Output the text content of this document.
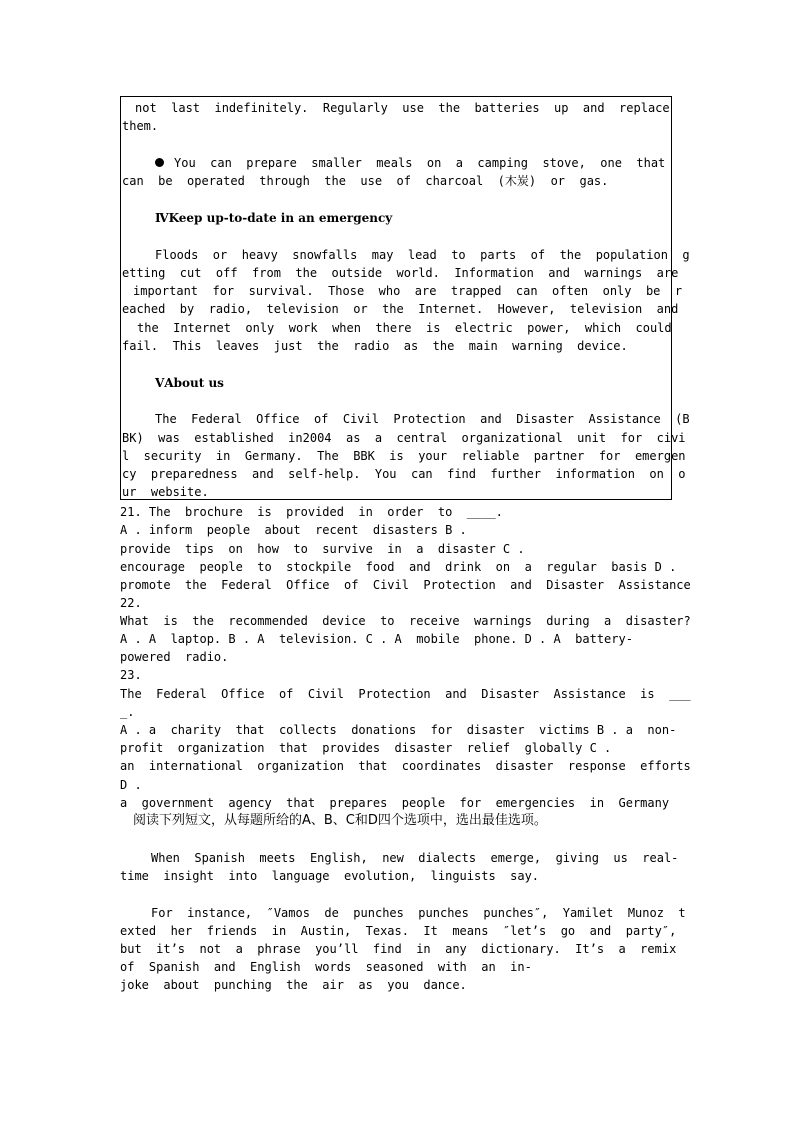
not  last  indefinitely.  Regularly  use  the  batteries  up  and  replace
them.
You  can  prepare  smaller  meals  on  a  camping  stove,  one  that
can  be  operated  through  the  use  of  charcoal  (木炭)  or  gas.
ⅣKeep up-to-date in an emergency
Floods  or  heavy  snowfalls  may  lead  to  parts  of  the  population  g
etting  cut  off  from  the  outside  world.  Information  and  warnings  are
important  for  survival.  Those  who  are  trapped  can  often  only  be  r
eached  by  radio,  television  or  the  Internet.  However,  television  and
the  Internet  only  work  when  there  is  electric  power,  which  could
fail.  This  leaves  just  the  radio  as  the  main  warning  device.
ⅤAbout us
The  Federal  Office  of  Civil  Protection  and  Disaster  Assistance  (B
BK)  was  established  in2004  as  a  central  organizational  unit  for  civi
l  security  in  Germany.  The  BBK  is  your  reliable  partner  for  emergen
cy  preparedness  and  self-help.  You  can  find  further  information  on  o
ur  website.
21. The  brochure  is  provided  in  order  to  ____.
A . inform  people  about  recent  disasters B .
provide  tips  on  how  to  survive  in  a  disaster C .
encourage  people  to  stockpile  food  and  drink  on  a  regular  basis D .
promote  the  Federal  Office  of  Civil  Protection  and  Disaster  Assistance
22.
What  is  the  recommended  device  to  receive  warnings  during  a  disaster?
A . A  laptop. B . A  television. C . A  mobile  phone. D . A  battery-
powered  radio.
23.
The  Federal  Office  of  Civil  Protection  and  Disaster  Assistance  is  ___
_.
A . a  charity  that  collects  donations  for  disaster  victims B . a  non-
profit  organization  that  provides  disaster  relief  globally C .
an  international  organization  that  coordinates  disaster  response  efforts
D .
a  government  agency  that  prepares  people  for  emergencies  in  Germany
阅读下列短文，从每题所给的A、B、C和D四个选项中，选出最佳选项。
When  Spanish  meets  English,  new  dialects  emerge,  giving  us  real-
time  insight  into  language  evolution,  linguists  say.
For  instance,  ″Vamos  de  punches  punches  punches″,  Yamilet  Munoz  t
exted  her  friends  in  Austin,  Texas.  It  means  ″let’s  go  and  party″,
but  it’s  not  a  phrase  you’ll  find  in  any  dictionary.  It’s  a  remix
of  Spanish  and  English  words  seasoned  with  an  in-
joke  about  punching  the  air  as  you  dance.
